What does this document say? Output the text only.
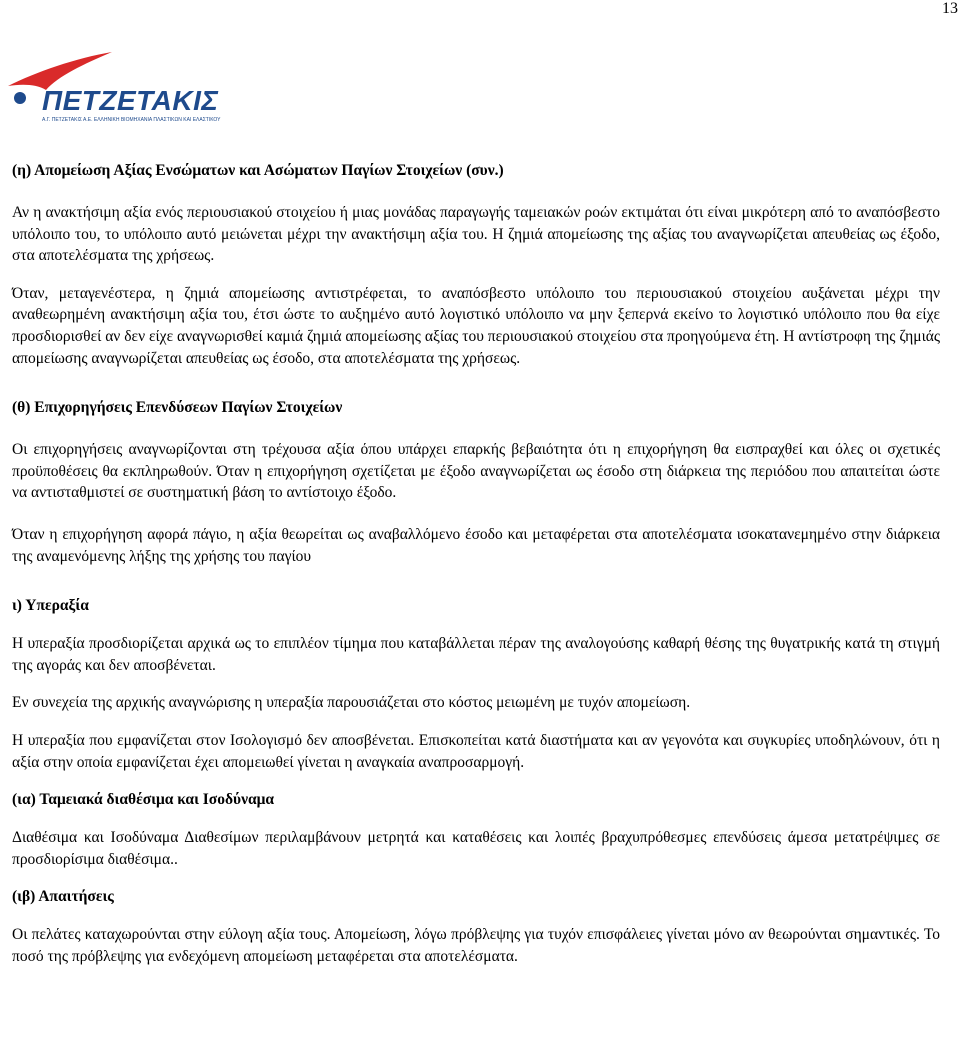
13
ΠΕΤΖΕΤΑΚΙΣ
Α.Γ. ΠΕΤΖΕΤΑΚΙΣ Α.Ε. ΕΛΛΗΝΙΚΗ ΒΙΟΜΗΧΑΝΙΑ ΠΛΑΣΤΙΚΩΝ ΚΑΙ ΕΛΑΣΤΙΚΟΥ

(η) Απομείωση Αξίας Ενσώματων και Ασώματων Παγίων Στοιχείων (συν.)

Αν η ανακτήσιμη αξία ενός περιουσιακού στοιχείου ή μιας μονάδας παραγωγής ταμειακών ροών εκτιμάται ότι είναι μικρότερη από το αναπόσβεστο υπόλοιπο του, το υπόλοιπο αυτό μειώνεται μέχρι την ανακτήσιμη αξία του. Η ζημιά απομείωσης της αξίας του αναγνωρίζεται απευθείας ως έξοδο, στα αποτελέσματα της χρήσεως.

Όταν, μεταγενέστερα, η ζημιά απομείωσης αντιστρέφεται, το αναπόσβεστο υπόλοιπο του περιουσιακού στοιχείου αυξάνεται μέχρι την αναθεωρημένη ανακτήσιμη αξία του, έτσι ώστε το αυξημένο αυτό λογιστικό υπόλοιπο να μην ξεπερνά εκείνο το λογιστικό υπόλοιπο που θα είχε προσδιορισθεί αν δεν είχε αναγνωρισθεί καμιά ζημιά απομείωσης αξίας του περιουσιακού στοιχείου στα προηγούμενα έτη. Η αντίστροφη της ζημιάς απομείωσης αναγνωρίζεται απευθείας ως έσοδο, στα αποτελέσματα της χρήσεως.

(θ) Επιχορηγήσεις Επενδύσεων Παγίων Στοιχείων

Οι επιχορηγήσεις αναγνωρίζονται στη τρέχουσα αξία όπου υπάρχει επαρκής βεβαιότητα ότι η επιχορήγηση θα εισπραχθεί και όλες οι σχετικές προϋποθέσεις θα εκπληρωθούν. Όταν η επιχορήγηση σχετίζεται με έξοδο αναγνωρίζεται ως έσοδο στη διάρκεια της περιόδου που απαιτείται ώστε να αντισταθμιστεί σε συστηματική βάση το αντίστοιχο έξοδο.

Όταν η επιχορήγηση αφορά πάγιο, η αξία θεωρείται ως αναβαλλόμενο έσοδο και μεταφέρεται στα αποτελέσματα ισοκατανεμημένο στην διάρκεια της αναμενόμενης λήξης της χρήσης του παγίου

ι) Υπεραξία

Η υπεραξία προσδιορίζεται αρχικά ως το επιπλέον τίμημα που καταβάλλεται πέραν της αναλογούσης καθαρή θέσης της θυγατρικής κατά τη στιγμή της αγοράς και δεν αποσβένεται.

Εν συνεχεία της αρχικής αναγνώρισης η υπεραξία παρουσιάζεται στο κόστος μειωμένη με τυχόν απομείωση.

Η υπεραξία που εμφανίζεται στον Ισολογισμό δεν αποσβένεται. Επισκοπείται κατά διαστήματα και αν γεγονότα και συγκυρίες υποδηλώνουν, ότι η αξία στην οποία εμφανίζεται έχει απομειωθεί γίνεται η αναγκαία αναπροσαρμογή.

(ια) Ταμειακά διαθέσιμα και Ισοδύναμα

Διαθέσιμα και Ισοδύναμα Διαθεσίμων περιλαμβάνουν μετρητά και καταθέσεις και λοιπές βραχυπρόθεσμες επενδύσεις άμεσα μετατρέψιμες σε προσδιορίσιμα διαθέσιμα..

(ιβ) Απαιτήσεις

Οι πελάτες καταχωρούνται στην εύλογη αξία τους. Απομείωση, λόγω πρόβλεψης για τυχόν επισφάλειες γίνεται μόνο αν θεωρούνται σημαντικές. Το ποσό της πρόβλεψης για ενδεχόμενη απομείωση μεταφέρεται στα αποτελέσματα.
